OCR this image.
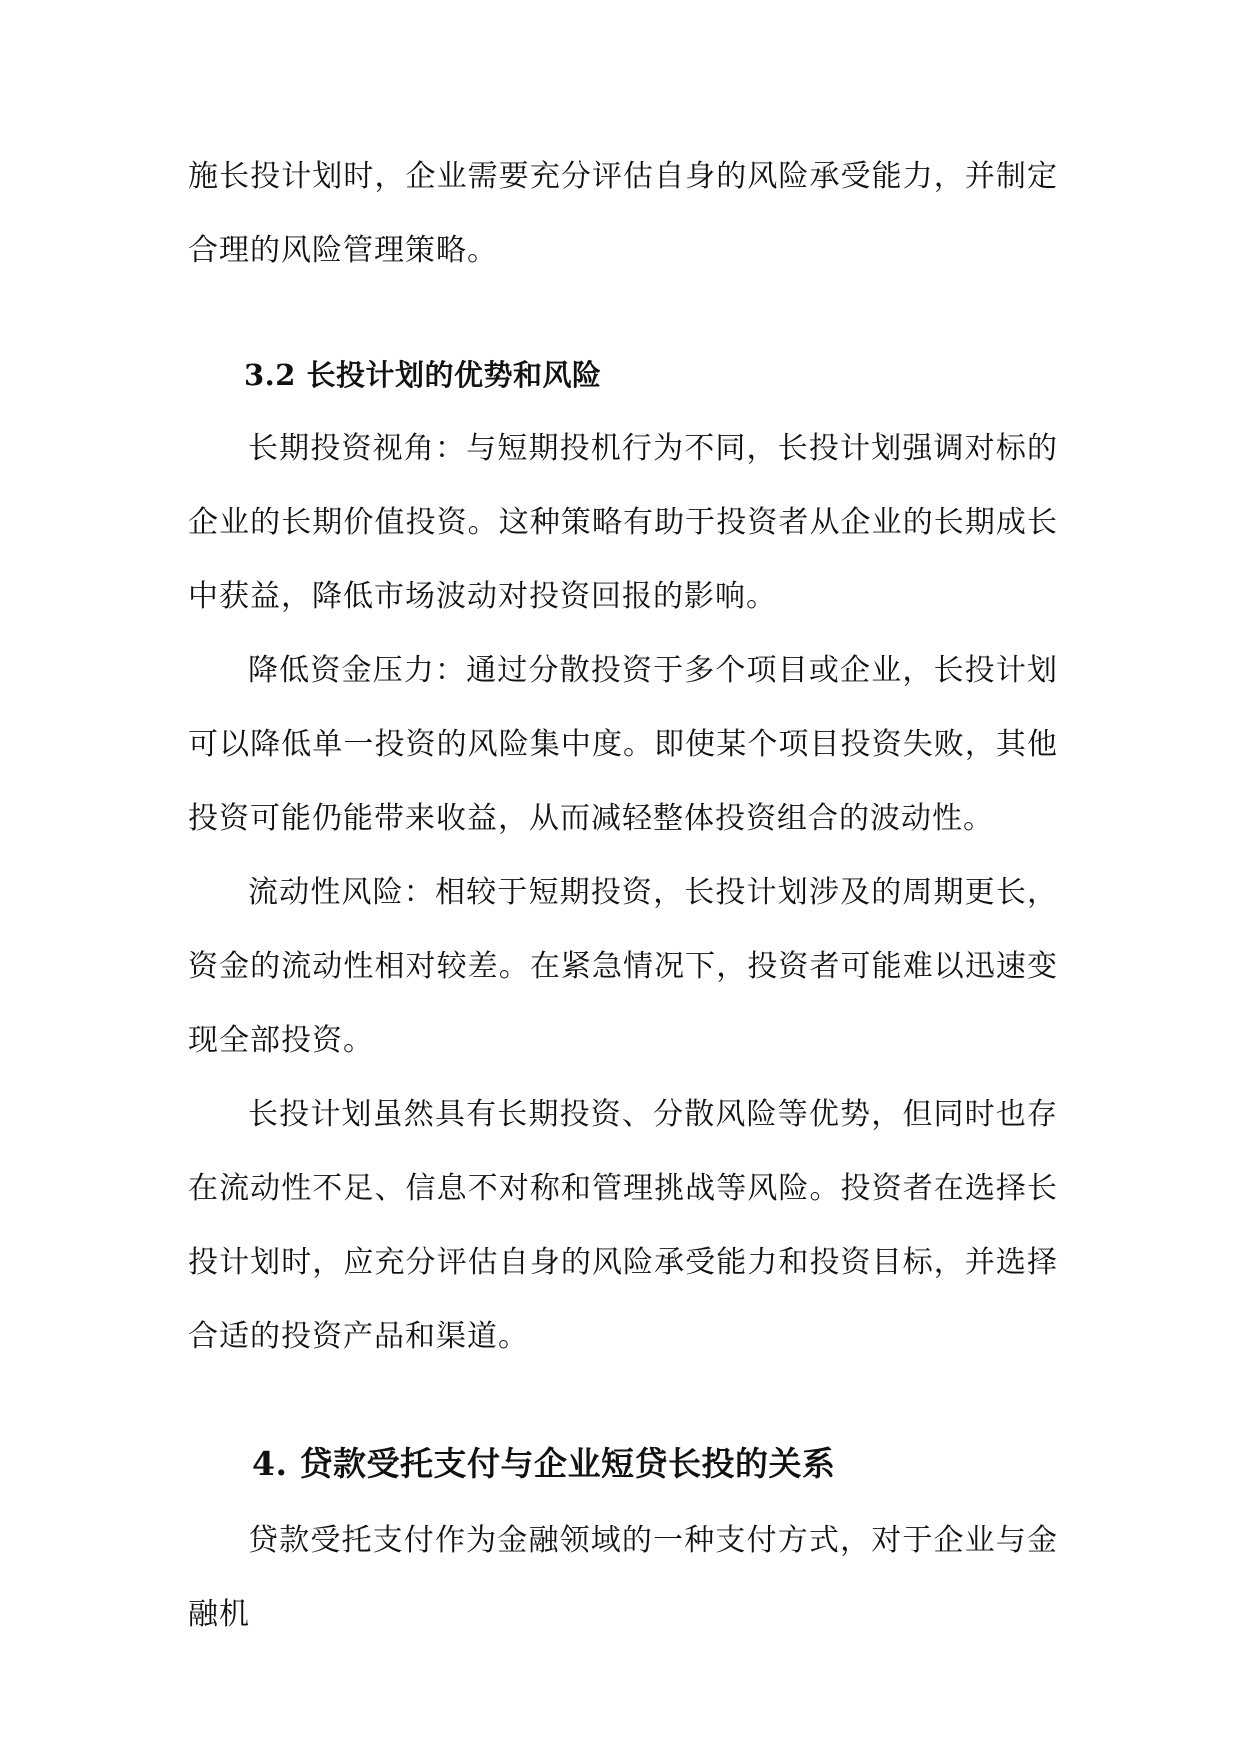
施长投计划时，企业需要充分评估自身的风险承受能力，并制定合理的风险管理策略。

3.2 长投计划的优势和风险

长期投资视角：与短期投机行为不同，长投计划强调对标的企业的长期价值投资。这种策略有助于投资者从企业的长期成长中获益，降低市场波动对投资回报的影响。

降低资金压力：通过分散投资于多个项目或企业，长投计划可以降低单一投资的风险集中度。即使某个项目投资失败，其他投资可能仍能带来收益，从而减轻整体投资组合的波动性。

流动性风险：相较于短期投资，长投计划涉及的周期更长，资金的流动性相对较差。在紧急情况下，投资者可能难以迅速变现全部投资。

长投计划虽然具有长期投资、分散风险等优势，但同时也存在流动性不足、信息不对称和管理挑战等风险。投资者在选择长投计划时，应充分评估自身的风险承受能力和投资目标，并选择合适的投资产品和渠道。

4. 贷款受托支付与企业短贷长投的关系

贷款受托支付作为金融领域的一种支付方式，对于企业与金融机
